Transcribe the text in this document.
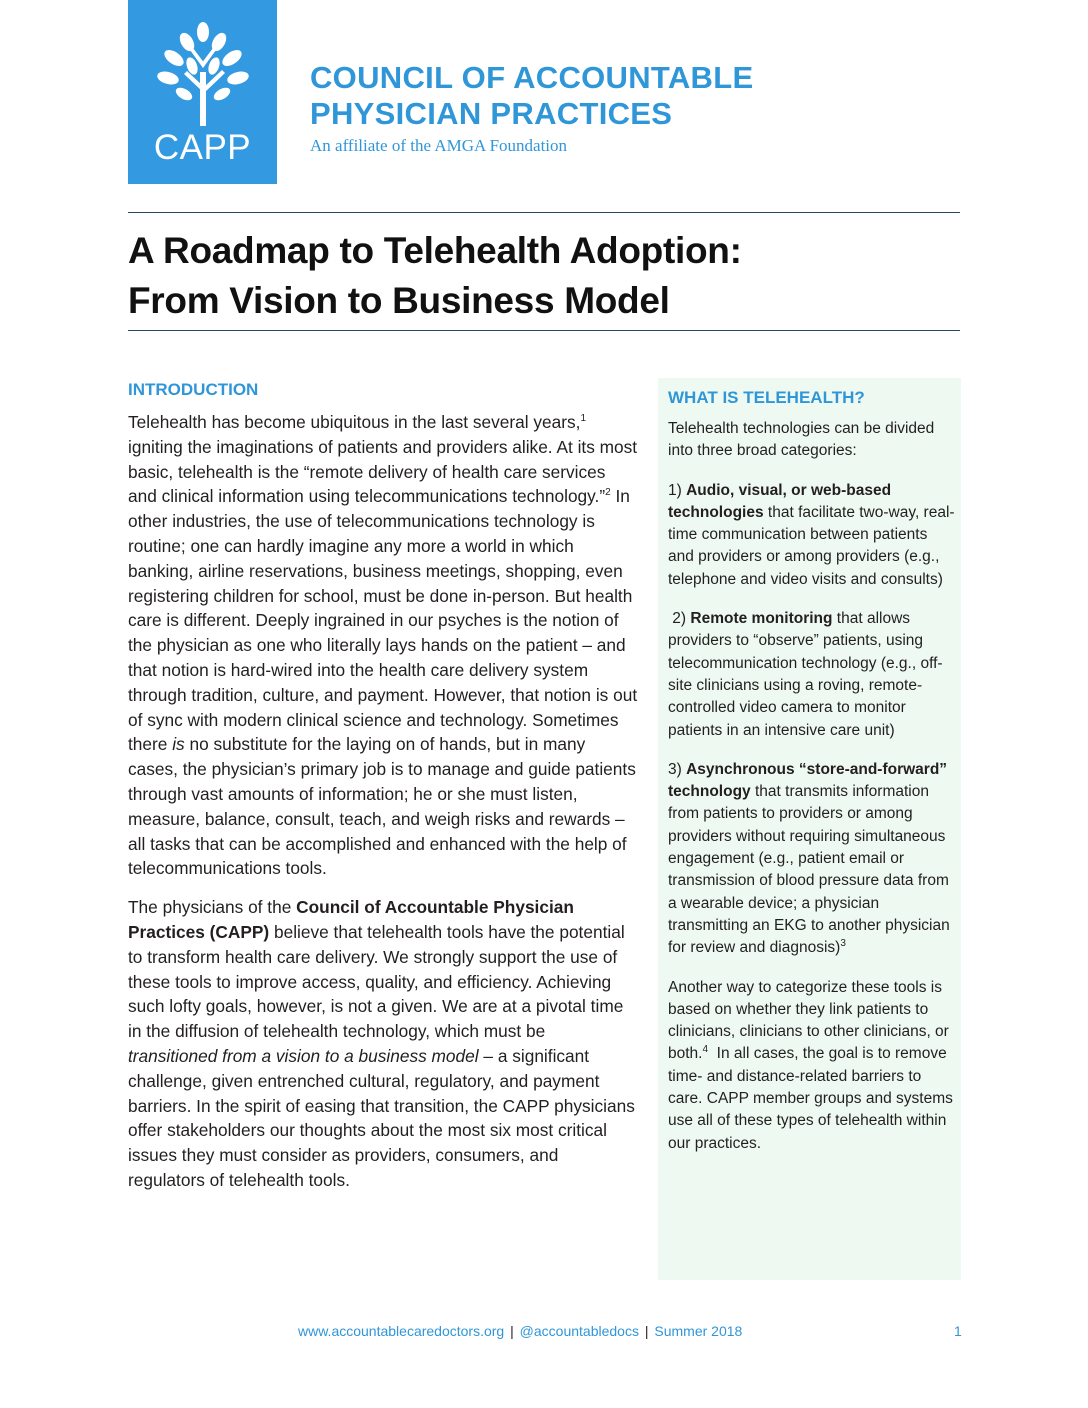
CAPP
COUNCIL OF ACCOUNTABLE
PHYSICIAN PRACTICES
An affiliate of the AMGA Foundation
A Roadmap to Telehealth Adoption:
From Vision to Business Model
INTRODUCTION

Telehealth has become ubiquitous in the last several years,$^1$ igniting the imaginations of patients and providers alike. At its most basic, telehealth is the “remote delivery of health care services and clinical information using telecommunications technology.”$^2$ In other industries, the use of telecommunications technology is routine; one can hardly imagine any more a world in which banking, airline reservations, business meetings, shopping, even registering children for school, must be done in-person. But health care is different. Deeply ingrained in our psyches is the notion of the physician as one who literally lays hands on the patient – and that notion is hard-wired into the health care delivery system through tradition, culture, and payment. However, that notion is out of sync with modern clinical science and technology. Sometimes there is no substitute for the laying on of hands, but in many cases, the physician’s primary job is to manage and guide patients through vast amounts of information; he or she must listen, measure, balance, consult, teach, and weigh risks and rewards – all tasks that can be accomplished and enhanced with the help of telecommunications tools.

The physicians of the Council of Accountable Physician Practices (CAPP) believe that telehealth tools have the potential to transform health care delivery. We strongly support the use of these tools to improve access, quality, and efficiency. Achieving such lofty goals, however, is not a given. We are at a pivotal time in the diffusion of telehealth technology, which must be transitioned from a vision to a business model – a significant challenge, given entrenched cultural, regulatory, and payment barriers. In the spirit of easing that transition, the CAPP physicians offer stakeholders our thoughts about the most six most critical issues they must consider as providers, consumers, and regulators of telehealth tools.

WHAT IS TELEHEALTH?

Telehealth technologies can be divided into three broad categories:

1) Audio, visual, or web-based technologies that facilitate two-way, real-time communication between patients and providers or among providers (e.g., telephone and video visits and consults)

2) Remote monitoring that allows providers to “observe” patients, using telecommunication technology (e.g., off-site clinicians using a roving, remote-controlled video camera to monitor patients in an intensive care unit)

3) Asynchronous “store-and-forward” technology that transmits information from patients to providers or among providers without requiring simultaneous engagement (e.g., patient email or transmission of blood pressure data from a wearable device; a physician transmitting an EKG to another physician for review and diagnosis)$^3$

Another way to categorize these tools is based on whether they link patients to clinicians, clinicians to other clinicians, or both.$^4$  In all cases, the goal is to remove time- and distance-related barriers to care. CAPP member groups and systems use all of these types of telehealth within our practices.

www.accountablecaredoctors.org | @accountabledocs | Summer 2018	1
